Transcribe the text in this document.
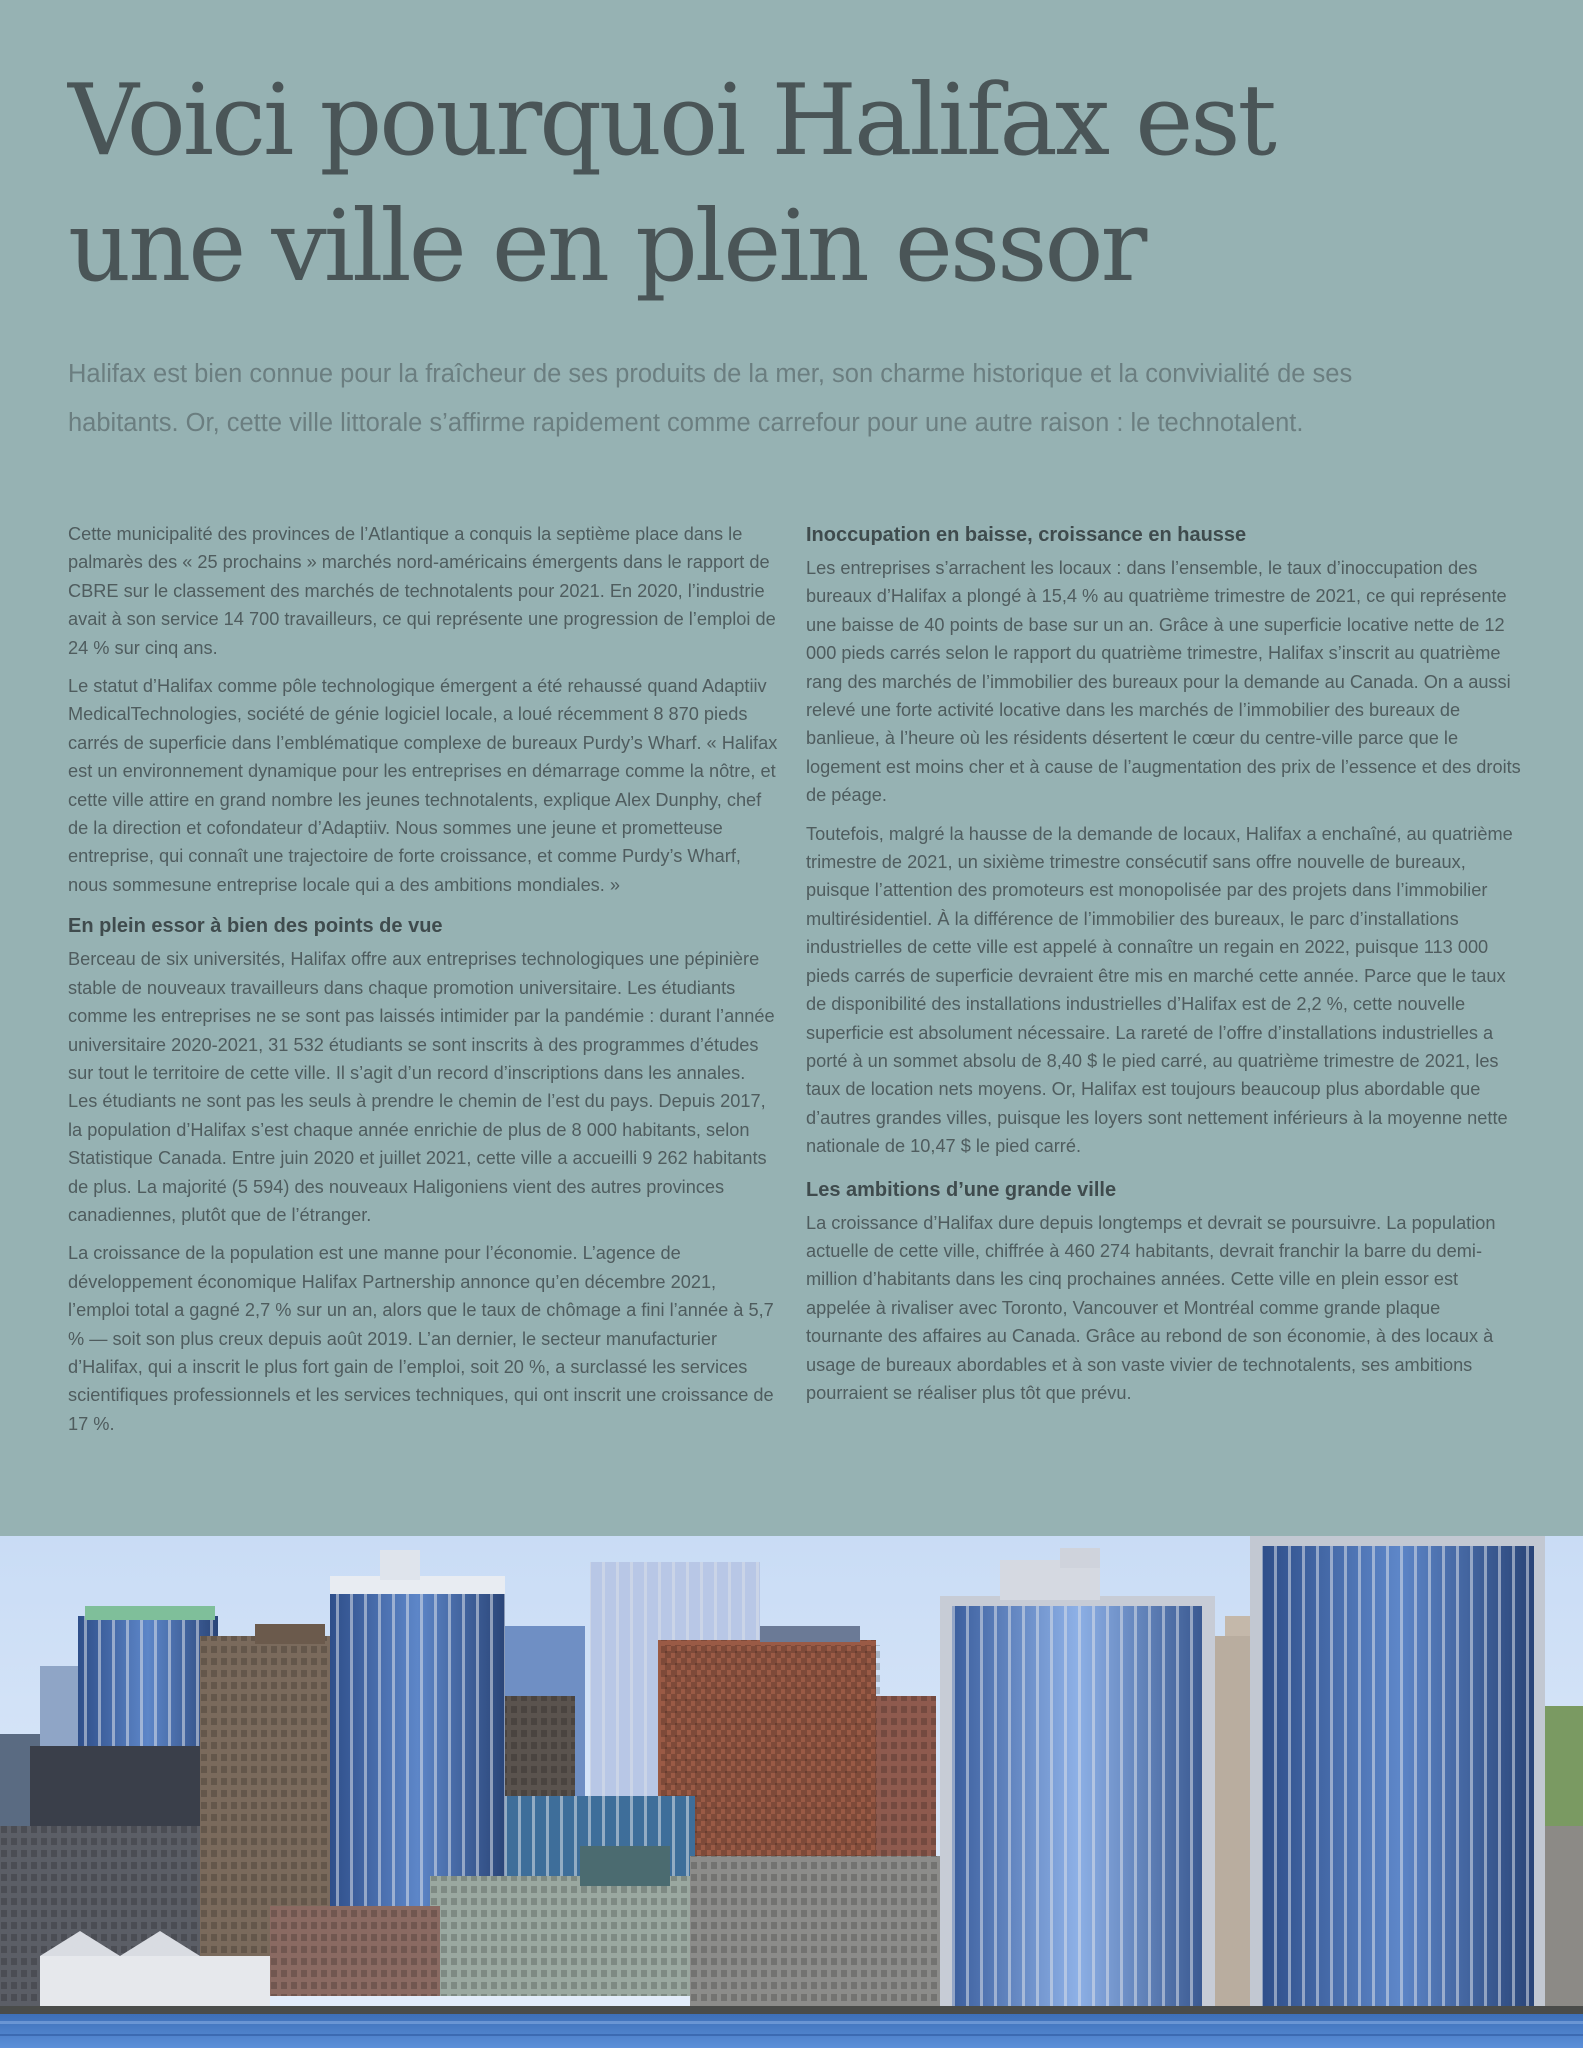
Voici pourquoi Halifax est
une ville en plein essor

Halifax est bien connue pour la fraîcheur de ses produits de la mer, son charme historique et la convivialité de ses habitants. Or, cette ville littorale s’affirme rapidement comme carrefour pour une autre raison : le technotalent.

Cette municipalité des provinces de l’Atlantique a conquis la septième place dans le palmarès des « 25 prochains » marchés nord-américains émergents dans le rapport de CBRE sur le classement des marchés de technotalents pour 2021. En 2020, l’industrie avait à son service 14 700 travailleurs, ce qui représente une progression de l’emploi de 24 % sur cinq ans.

Le statut d’Halifax comme pôle technologique émergent a été rehaussé quand Adaptiiv MedicalTechnologies, société de génie logiciel locale, a loué récemment 8 870 pieds carrés de superficie dans l’emblématique complexe de bureaux Purdy’s Wharf. « Halifax est un environnement dynamique pour les entreprises en démarrage comme la nôtre, et cette ville attire en grand nombre les jeunes technotalents, explique Alex Dunphy, chef de la direction et cofondateur d’Adaptiiv. Nous sommes une jeune et prometteuse entreprise, qui connaît une trajectoire de forte croissance, et comme Purdy’s Wharf, nous sommesune entreprise locale qui a des ambitions mondiales. »

En plein essor à bien des points de vue

Berceau de six universités, Halifax offre aux entreprises technologiques une pépinière stable de nouveaux travailleurs dans chaque promotion universitaire. Les étudiants comme les entreprises ne se sont pas laissés intimider par la pandémie : durant l’année universitaire 2020-2021, 31 532 étudiants se sont inscrits à des programmes d’études sur tout le territoire de cette ville. Il s’agit d’un record d’inscriptions dans les annales. Les étudiants ne sont pas les seuls à prendre le chemin de l’est du pays. Depuis 2017, la population d’Halifax s’est chaque année enrichie de plus de 8 000 habitants, selon Statistique Canada. Entre juin 2020 et juillet 2021, cette ville a accueilli 9 262 habitants de plus. La majorité (5 594) des nouveaux Haligoniens vient des autres provinces canadiennes, plutôt que de l’étranger.

La croissance de la population est une manne pour l’économie. L’agence de développement économique Halifax Partnership annonce qu’en décembre 2021, l’emploi total a gagné 2,7 % sur un an, alors que le taux de chômage a fini l’année à 5,7 % — soit son plus creux depuis août 2019. L’an dernier, le secteur manufacturier d’Halifax, qui a inscrit le plus fort gain de l’emploi, soit 20 %, a surclassé les services scientifiques professionnels et les services techniques, qui ont inscrit une croissance de 17 %.

Inoccupation en baisse, croissance en hausse

Les entreprises s’arrachent les locaux : dans l’ensemble, le taux d’inoccupation des bureaux d’Halifax a plongé à 15,4 % au quatrième trimestre de 2021, ce qui représente une baisse de 40 points de base sur un an. Grâce à une superficie locative nette de 12 000 pieds carrés selon le rapport du quatrième trimestre, Halifax s’inscrit au quatrième rang des marchés de l’immobilier des bureaux pour la demande au Canada. On a aussi relevé une forte activité locative dans les marchés de l’immobilier des bureaux de banlieue, à l’heure où les résidents désertent le cœur du centre-ville parce que le logement est moins cher et à cause de l’augmentation des prix de l’essence et des droits de péage.

Toutefois, malgré la hausse de la demande de locaux, Halifax a enchaîné, au quatrième trimestre de 2021, un sixième trimestre consécutif sans offre nouvelle de bureaux, puisque l’attention des promoteurs est monopolisée par des projets dans l’immobilier multirésidentiel. À la différence de l’immobilier des bureaux, le parc d’installations industrielles de cette ville est appelé à connaître un regain en 2022, puisque 113 000 pieds carrés de superficie devraient être mis en marché cette année. Parce que le taux de disponibilité des installations industrielles d’Halifax est de 2,2 %, cette nouvelle superficie est absolument nécessaire. La rareté de l’offre d’installations industrielles a porté à un sommet absolu de 8,40 $ le pied carré, au quatrième trimestre de 2021, les taux de location nets moyens. Or, Halifax est toujours beaucoup plus abordable que d’autres grandes villes, puisque les loyers sont nettement inférieurs à la moyenne nette nationale de 10,47 $ le pied carré.

Les ambitions d’une grande ville

La croissance d’Halifax dure depuis longtemps et devrait se poursuivre. La population actuelle de cette ville, chiffrée à 460 274 habitants, devrait franchir la barre du demi-million d’habitants dans les cinq prochaines années. Cette ville en plein essor est appelée à rivaliser avec Toronto, Vancouver et Montréal comme grande plaque tournante des affaires au Canada. Grâce au rebond de son économie, à des locaux à usage de bureaux abordables et à son vaste vivier de technotalents, ses ambitions pourraient se réaliser plus tôt que prévu.
